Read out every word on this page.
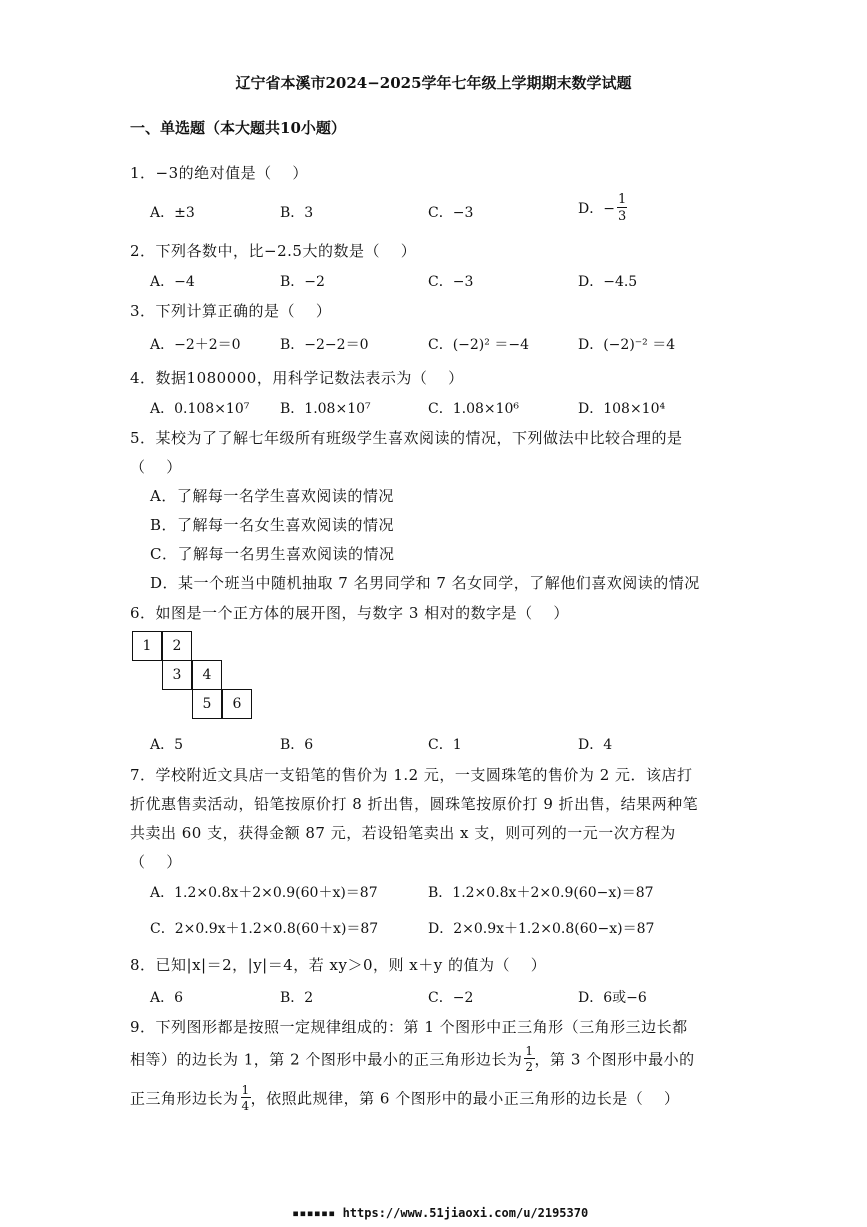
辽宁省本溪市2024−2025学年七年级上学期期末数学试题
一、单选题（本大题共10小题）
1．−3的绝对值是（　 ）
A．±3	B．3	C．−3	D．− $\frac{1}{3}$
2．下列各数中，比−2.5大的数是（　 ）
A．−4	B．−2	C．−3	D．−4.5
3．下列计算正确的是（　 ）
A．−2＋2＝0	B．−2−2＝0	C．(−2)² ＝−4	D．(−2)⁻² ＝4
4．数据1080000，用科学记数法表示为（　 ）
A．0.108×10⁷ B．1.08×10⁷	C．1.08×10⁶	D．108×10⁴
5．某校为了了解七年级所有班级学生喜欢阅读的情况，下列做法中比较合理的是
（　 ）
A．了解每一名学生喜欢阅读的情况
B．了解每一名女生喜欢阅读的情况
C．了解每一名男生喜欢阅读的情况
D．某一个班当中随机抽取 7 名男同学和 7 名女同学，了解他们喜欢阅读的情况
6．如图是一个正方体的展开图，与数字 3 相对的数字是（　 ）
1	2
3	4
5	6
A．5	B．6	C．1	D．4
7．学校附近文具店一支铅笔的售价为 1.2 元，一支圆珠笔的售价为 2 元．该店打
折优惠售卖活动，铅笔按原价打 8 折出售，圆珠笔按原价打 9 折出售，结果两种笔
共卖出 60 支，获得金额 87 元，若设铅笔卖出 x 支，则可列的一元一次方程为
（　 ）
A．1.2×0.8x＋2×0.9(60＋x)＝87	B．1.2×0.8x＋2×0.9(60−x)＝87
C．2×0.9x＋1.2×0.8(60＋x)＝87	D．2×0.9x＋1.2×0.8(60−x)＝87
8．已知|x|＝2，|y|＝4，若 xy＞0，则 x＋y 的值为（　 ）
A．6	B．2	C．−2	D．6或−6
9．下列图形都是按照一定规律组成的：第 1 个图形中正三角形（三角形三边长都
相等）的边长为 1，第 2 个图形中最小的正三角形边长为 $\frac{1}{2}$ ，第 3 个图形中最小的
正三角形边长为 $\frac{1}{4}$ ，依照此规律，第 6 个图形中的最小正三角形的边长是（　 ）
▪▪▪▪▪▪ https://www.51jiaoxi.com/u/2195370
